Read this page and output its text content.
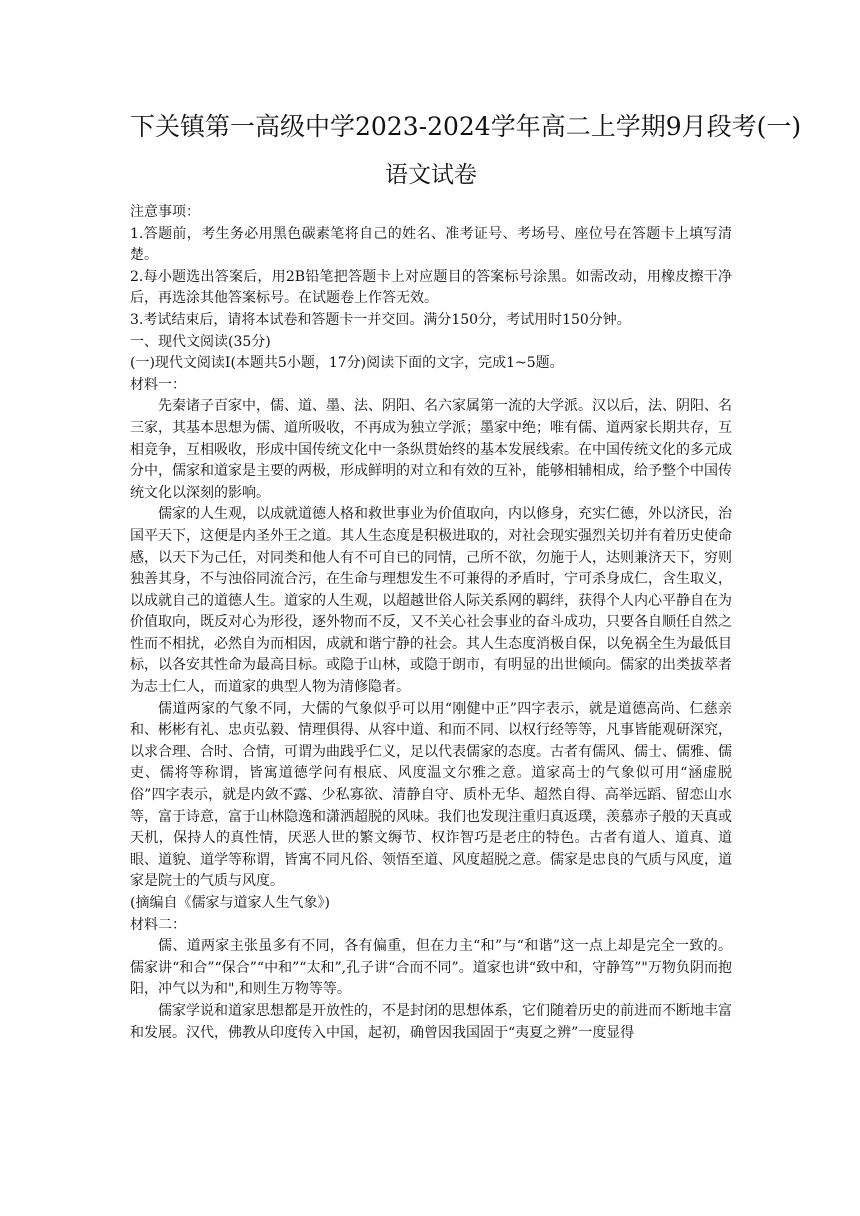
下关镇第一高级中学2023-2024学年高二上学期9月段考(一)
语文试卷

注意事项：

1.答题前，考生务必用黑色碳素笔将自己的姓名、准考证号、考场号、座位号在答题卡上填写清楚。

2.每小题选出答案后，用2B铅笔把答题卡上对应题目的答案标号涂黑。如需改动，用橡皮擦干净后，再选涂其他答案标号。在试题卷上作答无效。

3.考试结束后，请将本试卷和答题卡一并交回。满分150分，考试用时150分钟。

一、现代文阅读(35分)

(一)现代文阅读I(本题共5小题，17分)阅读下面的文字，完成1~5题。

材料一：

先秦诸子百家中，儒、道、墨、法、阴阳、名六家属第一流的大学派。汉以后，法、阴阳、名三家，其基本思想为儒、道所吸收，不再成为独立学派；墨家中绝；唯有儒、道两家长期共存，互相竞争，互相吸收，形成中国传统文化中一条纵贯始终的基本发展线索。在中国传统文化的多元成分中，儒家和道家是主要的两极，形成鲜明的对立和有效的互补，能够相辅相成，给予整个中国传统文化以深刻的影响。

儒家的人生观，以成就道德人格和救世事业为价值取向，内以修身，充实仁德，外以济民，治国平天下，这便是内圣外王之道。其人生态度是积极进取的，对社会现实强烈关切并有着历史使命感，以天下为己任，对同类和他人有不可自已的同情，己所不欲，勿施于人，达则兼济天下，穷则独善其身，不与浊俗同流合污，在生命与理想发生不可兼得的矛盾时，宁可杀身成仁，含生取义，以成就自己的道德人生。道家的人生观，以超越世俗人际关系网的羁绊，获得个人内心平静自在为价值取向，既反对心为形役，逐外物而不反，又不关心社会事业的奋斗成功，只要各自顺任自然之性而不相扰，必然自为而相因，成就和谐宁静的社会。其人生态度消极自保，以免祸全生为最低目标，以各安其性命为最高目标。或隐于山林，或隐于朗市，有明显的出世倾向。儒家的出类拔萃者为志士仁人，而道家的典型人物为清修隐者。

儒道两家的气象不同，大儒的气象似乎可以用“刚健中正”四字表示，就是道德高尚、仁慈亲和、彬彬有礼、忠贞弘毅、情理俱得、从容中道、和而不同、以权行经等等，凡事皆能观研深究，以求合理、合时、合情，可谓为曲践乎仁义，足以代表儒家的态度。古者有儒风、儒士、儒雅、儒吏、儒将等称谓，皆寓道德学问有根底、风度温文尔雅之意。道家高士的气象似可用“涵虚脱俗”四字表示，就是内敛不露、少私寡欲、清静自守、质朴无华、超然自得、高举远蹈、留恋山水等，富于诗意，富于山林隐逸和潇洒超脱的风味。我们也发现注重归真返璞，羡慕赤子般的天真或天机，保持人的真性情，厌恶人世的繁文缛节、权诈智巧是老庄的特色。古者有道人、道真、道眼、道貌、道学等称谓，皆寓不同凡俗、领悟至道、风度超脱之意。儒家是忠良的气质与风度，道家是院士的气质与风度。

(摘编自《儒家与道家人生气象》)

材料二：

儒、道两家主张虽多有不同，各有偏重，但在力主“和”与“和谐”这一点上却是完全一致的。儒家讲“和合”“保合”“中和”“太和”,孔子讲“合而不同”。道家也讲“致中和，守静笃”"万物负阴而抱阳，冲气以为和",和则生万物等等。

儒家学说和道家思想都是开放性的，不是封闭的思想体系，它们随着历史的前进而不断地丰富和发展。汉代，佛教从印度传入中国，起初，确曾因我国固于“夷夏之辨”一度显得
